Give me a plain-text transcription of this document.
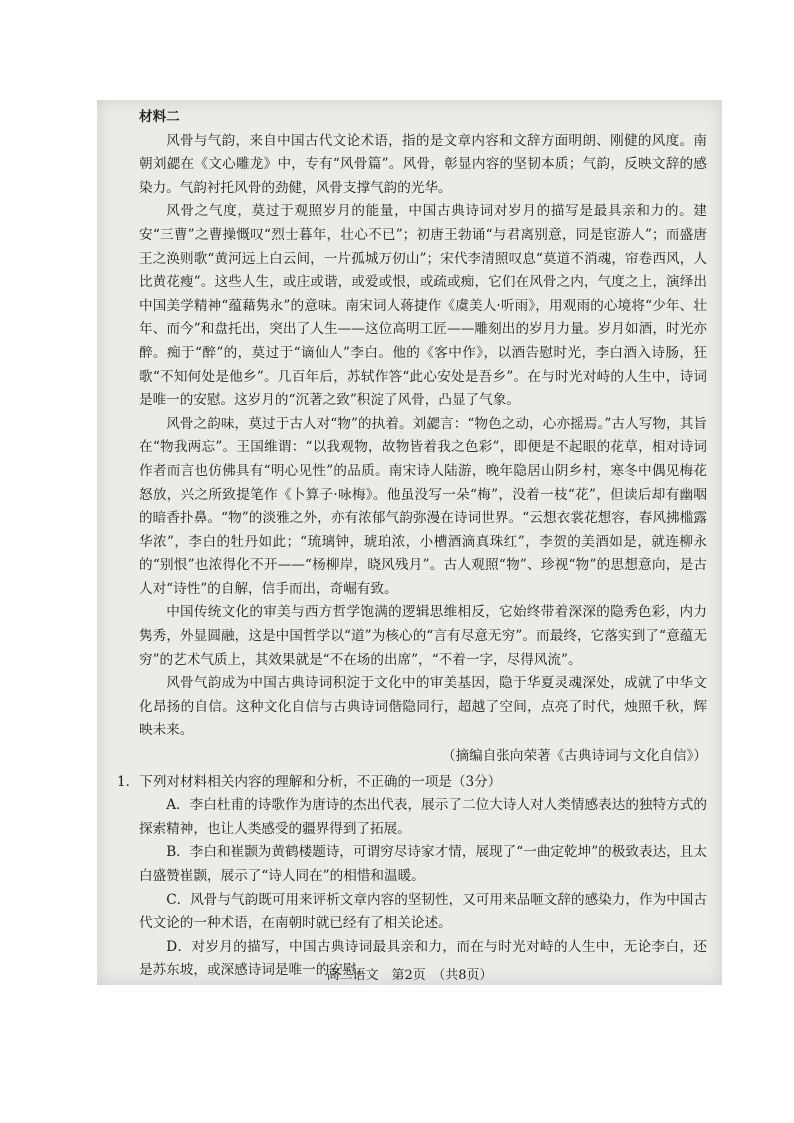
材料二

风骨与气韵，来自中国古代文论术语，指的是文章内容和文辞方面明朗、刚健的风度。南朝刘勰在《文心雕龙》中，专有“风骨篇”。风骨，彰显内容的坚韧本质；气韵，反映文辞的感染力。气韵衬托风骨的劲健，风骨支撑气韵的光华。

风骨之气度，莫过于观照岁月的能量，中国古典诗词对岁月的描写是最具亲和力的。建安“三曹”之曹操慨叹“烈士暮年，壮心不已”；初唐王勃诵“与君离别意，同是宦游人”；而盛唐王之涣则歌“黄河远上白云间，一片孤城万仞山”；宋代李清照叹息“莫道不消魂，帘卷西风，人比黄花瘦”。这些人生，或庄或谐，或爱或恨，或疏或痴，它们在风骨之内，气度之上，演绎出中国美学精神“蕴藉隽永”的意味。南宋词人蒋捷作《虞美人·听雨》，用观雨的心境将“少年、壮年、而今”和盘托出，突出了人生——这位高明工匠——雕刻出的岁月力量。岁月如酒，时光亦醉。痴于“醉”的，莫过于“谪仙人”李白。他的《客中作》，以酒告慰时光，李白酒入诗肠，狂歌“不知何处是他乡”。几百年后，苏轼作答“此心安处是吾乡”。在与时光对峙的人生中，诗词是唯一的安慰。这岁月的“沉著之致”积淀了风骨，凸显了气象。

风骨之韵味，莫过于古人对“物”的执着。刘勰言：“物色之动，心亦摇焉。”古人写物，其旨在“物我两忘”。王国维谓：“以我观物，故物皆着我之色彩”，即便是不起眼的花草，相对诗词作者而言也仿佛具有“明心见性”的品质。南宋诗人陆游，晚年隐居山阴乡村，寒冬中偶见梅花怒放，兴之所致提笔作《卜算子·咏梅》。他虽没写一朵“梅”，没着一枝“花”，但读后却有幽咽的暗香扑鼻。“物”的淡雅之外，亦有浓郁气韵弥漫在诗词世界。“云想衣裳花想容，春风拂槛露华浓”，李白的牡丹如此；“琉璃钟，琥珀浓，小槽酒滴真珠红”，李贺的美酒如是，就连柳永的“别恨”也浓得化不开——“杨柳岸，晓风残月”。古人观照“物”、珍视“物”的思想意向，是古人对“诗性”的自解，信手而出，奇崛有致。

中国传统文化的审美与西方哲学饱满的逻辑思维相反，它始终带着深深的隐秀色彩，内力隽秀，外显圆融，这是中国哲学以“道”为核心的“言有尽意无穷”。而最终，它落实到了“意蕴无穷”的艺术气质上，其效果就是“不在场的出席”，“不着一字，尽得风流”。

风骨气韵成为中国古典诗词积淀于文化中的审美基因，隐于华夏灵魂深处，成就了中华文化昂扬的自信。这种文化自信与古典诗词偕隐同行，超越了空间，点亮了时代，烛照千秋，辉映未来。

（摘编自张向荣著《古典诗词与文化自信》）

1．下列对材料相关内容的理解和分析，不正确的一项是（3分）

A．李白杜甫的诗歌作为唐诗的杰出代表，展示了二位大诗人对人类情感表达的独特方式的探索精神，也让人类感受的疆界得到了拓展。

B．李白和崔颢为黄鹤楼题诗，可谓穷尽诗家才情，展现了“一曲定乾坤”的极致表达，且太白盛赞崔颢，展示了“诗人同在”的相惜和温暖。

C．风骨与气韵既可用来评析文章内容的坚韧性，又可用来品咂文辞的感染力，作为中国古代文论的一种术语，在南朝时就已经有了相关论述。

D．对岁月的描写，中国古典诗词最具亲和力，而在与时光对峙的人生中，无论李白，还是苏东坡，或深感诗词是唯一的安慰。

高二语文　第2页　（共8页）
